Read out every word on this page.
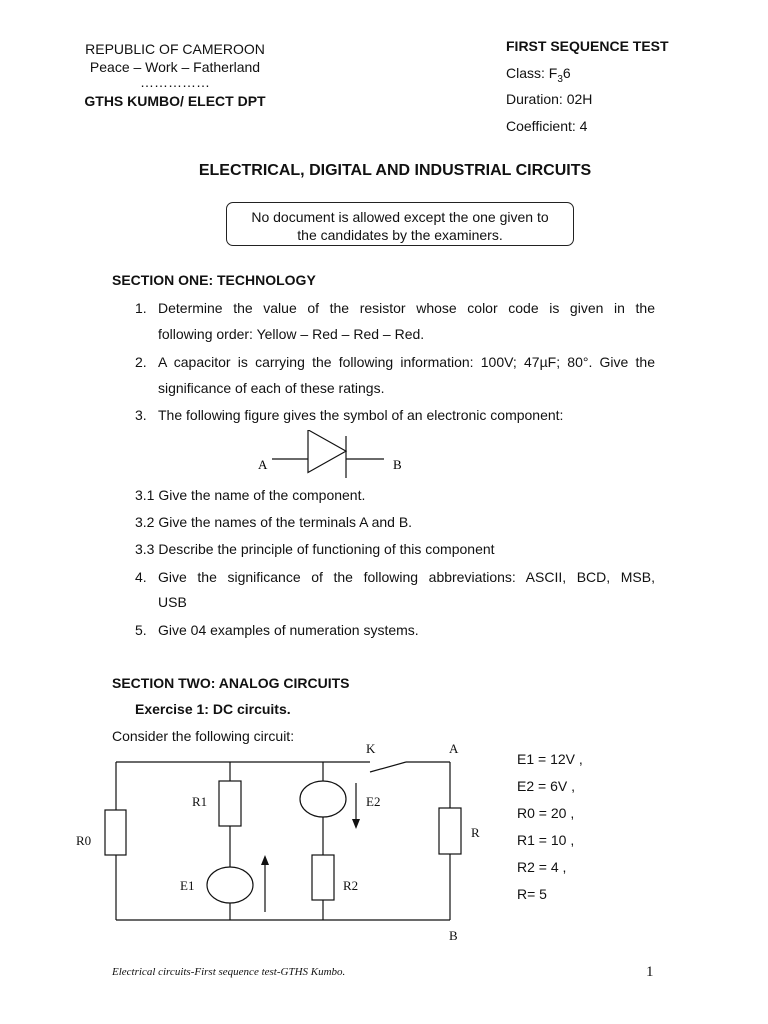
REPUBLIC OF CAMEROON
Peace – Work – Fatherland
……………
GTHS KUMBO/ ELECT DPT
FIRST SEQUENCE TEST
Class: $F_36$
Duration: 02H
Coefficient: 4
ELECTRICAL, DIGITAL AND INDUSTRIAL CIRCUITS
No document is allowed except the one given to
the candidates by the examiners.
SECTION ONE: TECHNOLOGY
1. Determine the value of the resistor whose color code is given in the
following order: Yellow – Red – Red – Red.
2. A capacitor is carrying the following information: 100V; 47µF; 80°. Give the
significance of each of these ratings.
3. The following figure gives the symbol of an electronic component:
A	B
3.1 Give the name of the component.
3.2 Give the names of the terminals A and B.
3.3 Describe the principle of functioning of this component
4. Give the significance of the following abbreviations: ASCII, BCD, MSB,
USB
5. Give 04 examples of numeration systems.
SECTION TWO: ANALOG CIRCUITS
Exercise 1: DC circuits.
Consider the following circuit:
K	A
B
R0
R1	E2
R
E1	R2
E1 = 12V ,
E2 = 6V ,
R0 = 20 ,
R1 = 10 ,
R2 = 4 ,
R= 5
Electrical circuits-First sequence test-GTHS Kumbo.	1
